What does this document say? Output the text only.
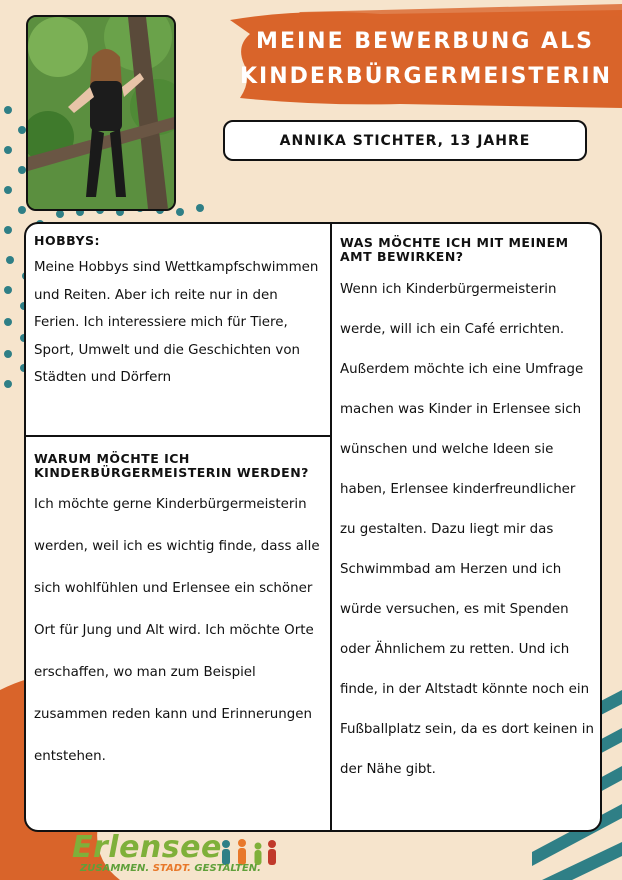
MEINE BEWERBUNG ALS
KINDERBÜRGERMEISTERIN
ANNIKA STICHTER, 13 JAHRE
HOBBYS:
Meine Hobbys sind Wettkampfschwimmen und Reiten. Aber ich reite nur in den Ferien. Ich interessiere mich für Tiere, Sport, Umwelt und die Geschichten von Städten und Dörfern
WARUM MÖCHTE ICH KINDERBÜRGERMEISTERIN WERDEN?
Ich möchte gerne Kinderbürgermeisterin werden, weil ich es wichtig finde, dass alle sich wohlfühlen und Erlensee ein schöner Ort für Jung und Alt wird. Ich möchte Orte erschaffen, wo man zum Beispiel zusammen reden kann und Erinnerungen entstehen.
WAS MÖCHTE ICH MIT MEINEM AMT BEWIRKEN?
Wenn ich Kinderbürgermeisterin werde, will ich ein Café errichten. Außerdem möchte ich eine Umfrage machen was Kinder in Erlensee sich wünschen und welche Ideen sie haben, Erlensee kinderfreundlicher zu gestalten. Dazu liegt mir das Schwimmbad am Herzen und ich würde versuchen, es mit Spenden oder Ähnlichem zu retten. Und ich finde, in der Altstadt könnte noch ein Fußballplatz sein, da es dort keinen in der Nähe gibt.
Erlensee
ZUSAMMEN. STADT. GESTALTEN.
